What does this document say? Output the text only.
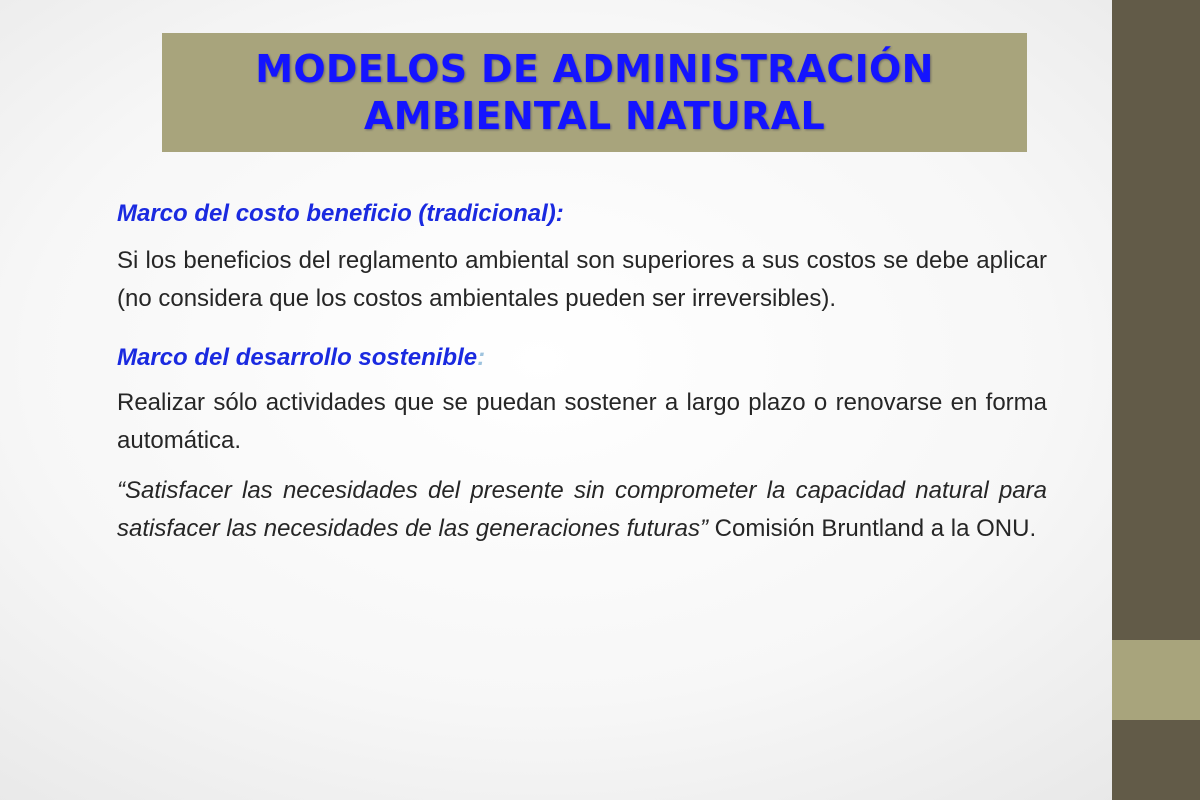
MODELOS DE ADMINISTRACIÓN
AMBIENTAL NATURAL

Marco del costo beneficio (tradicional):

Si los beneficios del reglamento ambiental son superiores a sus costos se debe aplicar (no considera que los costos ambientales pueden ser irreversibles).

Marco del desarrollo sostenible:

Realizar sólo actividades que se puedan sostener a largo plazo o renovarse en forma automática.

“Satisfacer las necesidades del presente sin comprometer la capacidad natural para satisfacer las necesidades de las generaciones futuras” Comisión Bruntland a la ONU.
